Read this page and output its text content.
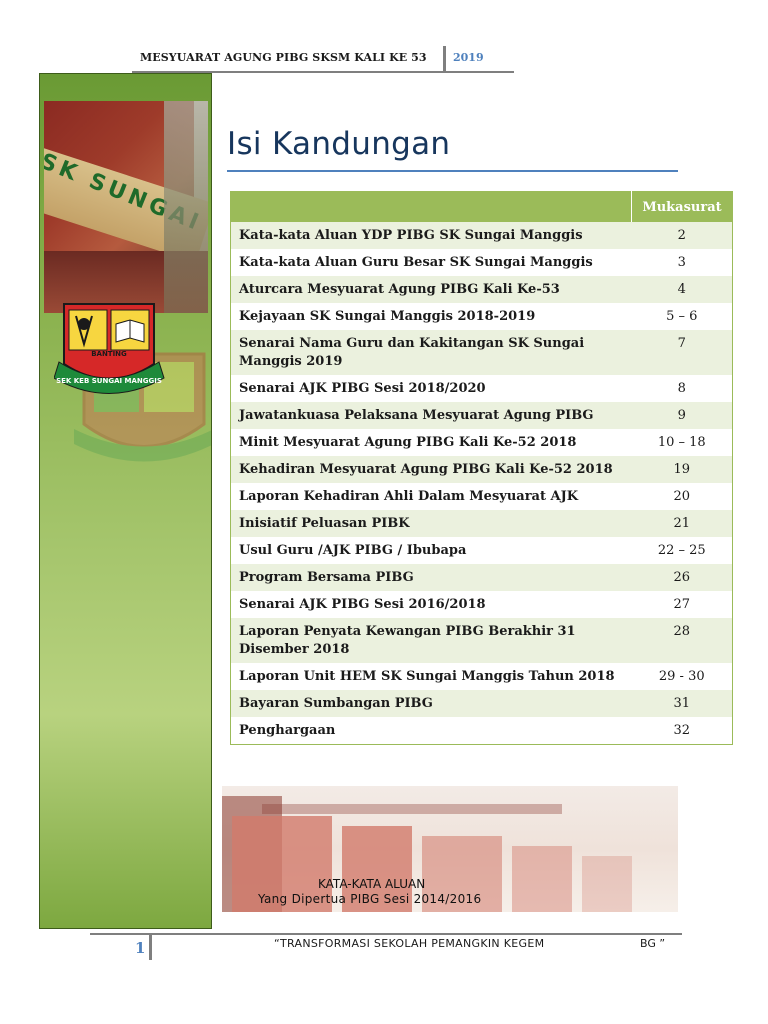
MESYUARAT AGUNG PIBG SKSM KALI KE 53 2019
BANTING
SEK KEB SUNGAI MANGGIS
Isi Kandungan
	Mukasurat
Kata-kata Aluan YDP PIBG SK Sungai Manggis	2
Kata-kata Aluan Guru Besar SK Sungai Manggis	3
Aturcara Mesyuarat Agung PIBG Kali Ke-53	4
Kejayaan SK Sungai Manggis 2018-2019	5 – 6
Senarai Nama Guru dan Kakitangan SK Sungai Manggis 2019	7
Senarai AJK PIBG Sesi 2018/2020	8
Jawatankuasa Pelaksana Mesyuarat Agung PIBG	9
Minit Mesyuarat Agung PIBG Kali Ke-52 2018	10 – 18
Kehadiran Mesyuarat Agung PIBG Kali Ke-52 2018	19
Laporan Kehadiran Ahli Dalam Mesyuarat AJK	20
Inisiatif Peluasan PIBK	21
Usul Guru /AJK PIBG / Ibubapa	22 – 25
Program Bersama PIBG	26
Senarai AJK PIBG Sesi 2016/2018	27
Laporan Penyata Kewangan PIBG Berakhir 31 Disember 2018	28
Laporan Unit HEM SK Sungai Manggis Tahun 2018	29 - 30
Bayaran Sumbangan PIBG	31
Penghargaan	32
KATA-KATA ALUAN
Yang Dipertua PIBG Sesi 2014/2016
1	“TRANSFORMASI SEKOLAH PEMANGKIN KEGEM	BG ”
